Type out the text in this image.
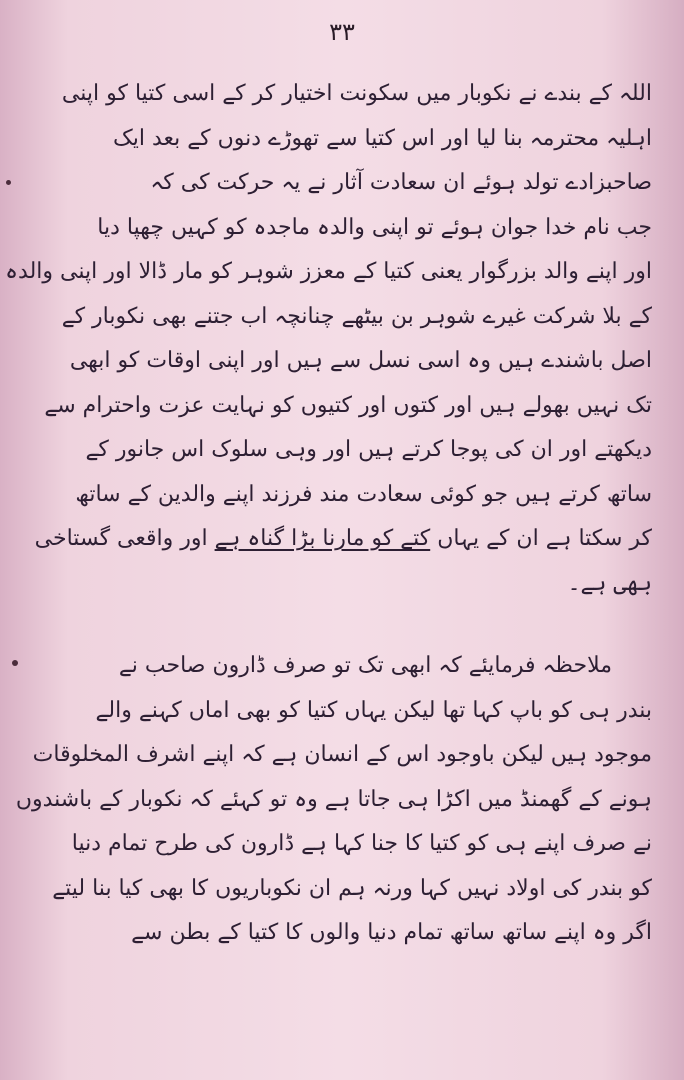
۳۳
اللہ کے بندے نے نکوبار میں سکونت اختیار کر کے اسی کتیا کو اپنی
اہلیہ محترمہ بنا لیا اور اس کتیا سے تھوڑے دنوں کے بعد ایک
صاحبزادے تولد ہوئے ان سعادت آثار نے یہ حرکت کی کہ
جب نام خدا جوان ہوئے تو اپنی والدہ ماجدہ کو کہیں چھپا دیا
اور اپنے والد بزرگوار یعنی کتیا کے معزز شوہر کو مار ڈالا اور اپنی والدہ
کے بلا شرکت غیرے شوہر بن بیٹھے چنانچہ اب جتنے بھی نکوبار کے
اصل باشندے ہیں وہ اسی نسل سے ہیں اور اپنی اوقات کو ابھی
تک نہیں بھولے ہیں اور کتوں اور کتیوں کو نہایت عزت واحترام سے
دیکھتے اور ان کی پوجا کرتے ہیں اور وہی سلوک اس جانور کے
ساتھ کرتے ہیں جو کوئی سعادت مند فرزند اپنے والدین کے ساتھ
کر سکتا ہے ان کے یہاں کتے کو مارنا بڑا گناہ ہے اور واقعی گستاخی
بھی ہے۔
ملاحظہ فرمایئے کہ ابھی تک تو صرف ڈارون صاحب نے
بندر ہی کو باپ کہا تھا لیکن یہاں کتیا کو بھی اماں کہنے والے
موجود ہیں لیکن باوجود اس کے انسان ہے کہ اپنے اشرف المخلوقات
ہونے کے گھمنڈ میں اکڑا ہی جاتا ہے وہ تو کہئے کہ نکوبار کے باشندوں
نے صرف اپنے ہی کو کتیا کا جنا کہا ہے ڈارون کی طرح تمام دنیا
کو بندر کی اولاد نہیں کہا ورنہ ہم ان نکوباریوں کا بھی کیا بنا لیتے
اگر وہ اپنے ساتھ ساتھ تمام دنیا والوں کا کتیا کے بطن سے
